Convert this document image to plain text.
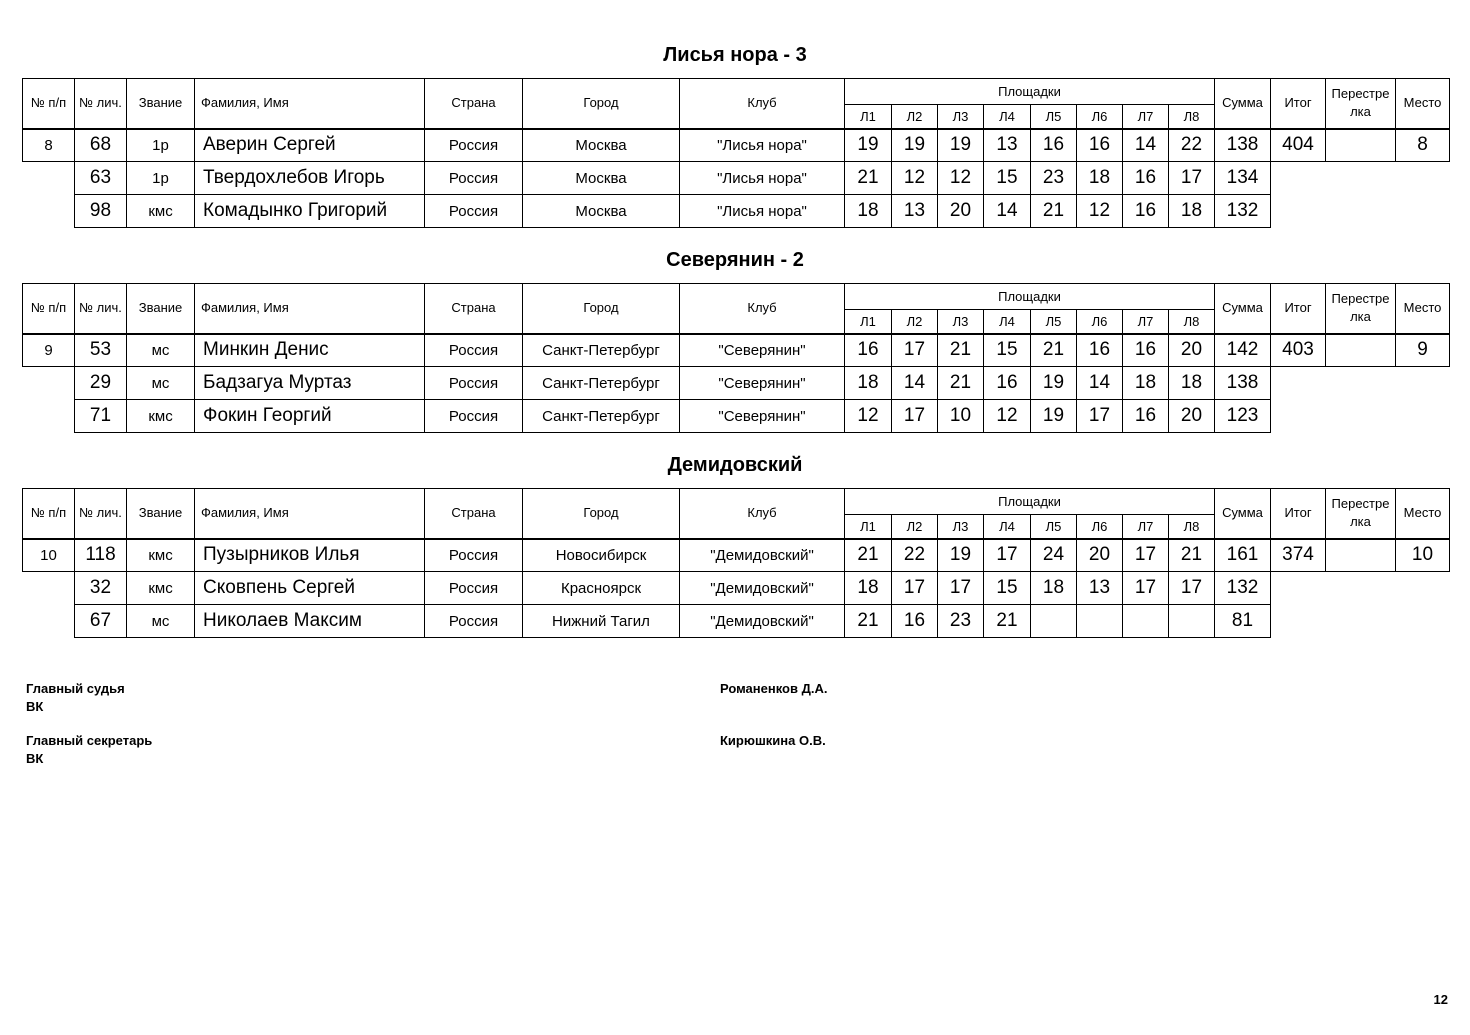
Лисья нора - 3
№ п/п	№ лич.	Звание	Фамилия, Имя	Страна	Город	Клуб	Площадки								Сумма	Итог	Перестре лка	Место
							Л1	Л2	Л3	Л4	Л5	Л6	Л7	Л8				
8	68	1р	Аверин Сергей	Россия	Москва	"Лисья нора"	19	19	19	13	16	16	14	22	138	404		8
	63	1р	Твердохлебов Игорь	Россия	Москва	"Лисья нора"	21	12	12	15	23	18	16	17	134			
	98	кмс	Комадынко Григорий	Россия	Москва	"Лисья нора"	18	13	20	14	21	12	16	18	132			
Северянин - 2
№ п/п	№ лич.	Звание	Фамилия, Имя	Страна	Город	Клуб	Площадки								Сумма	Итог	Перестре лка	Место
							Л1	Л2	Л3	Л4	Л5	Л6	Л7	Л8				
9	53	мс	Минкин Денис	Россия	Санкт-Петербург	"Северянин"	16	17	21	15	21	16	16	20	142	403		9
	29	мс	Бадзагуа Муртаз	Россия	Санкт-Петербург	"Северянин"	18	14	21	16	19	14	18	18	138			
	71	кмс	Фокин Георгий	Россия	Санкт-Петербург	"Северянин"	12	17	10	12	19	17	16	20	123			
Демидовский
№ п/п	№ лич.	Звание	Фамилия, Имя	Страна	Город	Клуб	Площадки								Сумма	Итог	Перестре лка	Место
							Л1	Л2	Л3	Л4	Л5	Л6	Л7	Л8				
10	118	кмс	Пузырников Илья	Россия	Новосибирск	"Демидовский"	21	22	19	17	24	20	17	21	161	374		10
	32	кмс	Сковпень Сергей	Россия	Красноярск	"Демидовский"	18	17	17	15	18	13	17	17	132			
	67	мс	Николаев Максим	Россия	Нижний Тагил	"Демидовский"	21	16	23	21					81			
Главный судья
ВК
Романенков Д.А.
Главный секретарь
ВК
Кирюшкина О.В.
12
